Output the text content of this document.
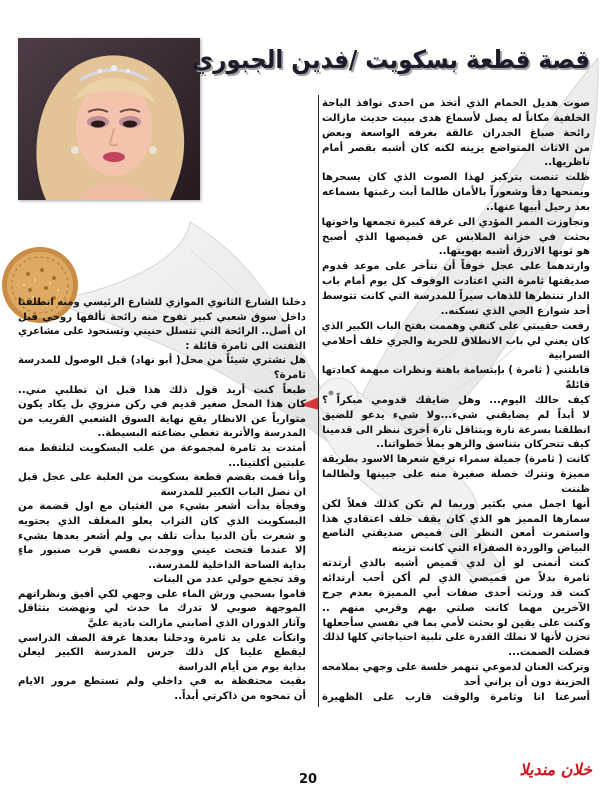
قصة قطعة بسكويت /فدين الجبوري
صوت هديل الحمام الذي أتخذ من احدى نوافذ الباحة
الخلفية مكاناً له يصل لأسماع هدى ببيت حديث مازالت
رائحة صباغ الجدران عالقة بغرفه الواسعة وبعض
من الاثاث المتواضع يزينه لكنه كان أشبه بقصر أمام
ناظريها..
ظلت تنصت بتركيز لهذا الصوت الذي كان يسحرها
ويمنحها دفأ وشعوراً بالأمان طالما أبت رغبتها بسماعه
بعد رحيل أبيها عنها..
وتجاوزت الممر المؤدي الى غرفة كبيرة تجمعها واخوتها
بحثت في خزانة الملابس عن قميصها الذي أصبح
هو ثوبها الازرق أشبه بهويتها..
وارتدهما على عجل خوفاً أن تتأخر على موعد قدوم
صديقتها ثامرة التي اعتادت الوقوف كل يوم أمام باب
الدار تنتظرها للذهاب سيراً للمدرسة التي كانت تتوسط
أحد شوارع الحي الذي تسكنه..
رفعت حقيبتي على كتفي وهممت بفتح الباب الكبير الذي
كان يعني لي باب الانطلاق للحرية والجري خلف أحلامي
السرابية
قابلتني ( ثامرة ) بإبتسامة باهتة ونظرات مبهمة كعادتها
قائلةً
كيف حالك اليوم... وهل ضايقك قدومي مبكراً ؟
لا أبداً لم يضايقني شيء...ولا شيء يدعو للضيق
انطلقنا بسرعة تارة وبتثاقل تارة أخرى ننظر الى قدمينا
كيف تتحركان بتناسق والزهو يملأ خطواتنا..
كانت ( ثامرة) جميلة سمراء ترفع شعرها الاسود بطريقة
مميزة وتترك خصلة صغيرة منه على جبينها ولطالما
ظننت
أنها اجمل مني بكثير وربما لم تكن كذلك فعلاً لكن
سمارها المميز هو الذي كان يقف خلف اعتقادي هذا
واستمرت أمعن النظر الى قميص صديقتي الناصع
البياض والوردة الصفراء التي كانت تزينه
كنت أتمنى لو أن لدي قميص أشبه بالذي أرتدته
ثامرة بدلاً من قميصي الذي لم أكن أحب أرتدائه
كنت قد ورثت أحدى صفات أبي المميزة بعدم جرح
الآخرين مهما كانت صلتي بهم وقربي منهم ..
وكنت على يقين لو بحثت لأمي بما في نفسي سأجعلها
تحزن لأنها لا تملك القدرة على تلبية احتياجاتي كلها لذلك
فضلت الصمت...
وتركت العنان لدموعي تنهمر خلسة على وجهي بملامحه
الحزينة دون أن يراني أحد
أسرعنا انا وثامرة والوقت قارب على الظهيرة
دخلنا الشارع الثانوي الموازي للشارع الرئيسي ومنه انطلقنا
داخل سوق شعبي كبير تفوح منه رائحة تألفها روحي قبل
ان أصل.. الرائحة التي تتسلل حنيني وتستحوذ على مشاعري
التفتت الى ثامرة قائلة :
هل نشتري شيئاً من محل( أبو نهاد) قبل الوصول للمدرسة
ثامرة؟
طبعاً كنت أريد قول ذلك هذا قبل ان تطلبي مني..
كان هذا المحل صغير قديم في ركن منزوي بل يكاد يكون
متوارياً عن الانظار يقع نهاية السوق الشعبي القريب من
المدرسة والأتربة تغطي بضاعته البسيطة..
أمتدت يد ثامرة لمجموعة من علب البسكويت لتلتقط منه
علبتين أكلتينا...
وأنا قمت بقضم قطعة بسكويت من العلبة على عجل قبل
ان نصل الباب الكبير للمدرسة
وفجأة بدأت أشعر بشيء من الغثيان مع اول قضمة من
البسكويت الذي كان التراب يعلو المغلف الذي يحتويه
و شعرت بأن الدنيا بدأت تلف بي ولم أشعر بعدها بشيء
إلا عندما فتحت عيني ووجدت نفسي قرب صنبور ماءٍ
بداية الساحة الداخلية للمدرسة..
وقد تجمع حولي عدد من البنات
قاموا بسحبي ورش الماء على وجهي لكي أفيق ونظراتهم
الموجهة صوبي لا تدرك ما حدث لي ونهضت بتثاقل
وآثار الدوران الذي أصابني مازالت بادية عليَّ
واتكأت على يد ثامرة ودخلنا بعدها غرفة الصف الدراسي
ليقطع علينا كل ذلك جرس المدرسة الكبير ليعلن
بداية يوم من أيام الدراسة
بقيت محتفظة به في داخلي ولم تستطع مرور الايام
أن تمحوه من ذاكرتي أبداً..
20
خلان منديلا
